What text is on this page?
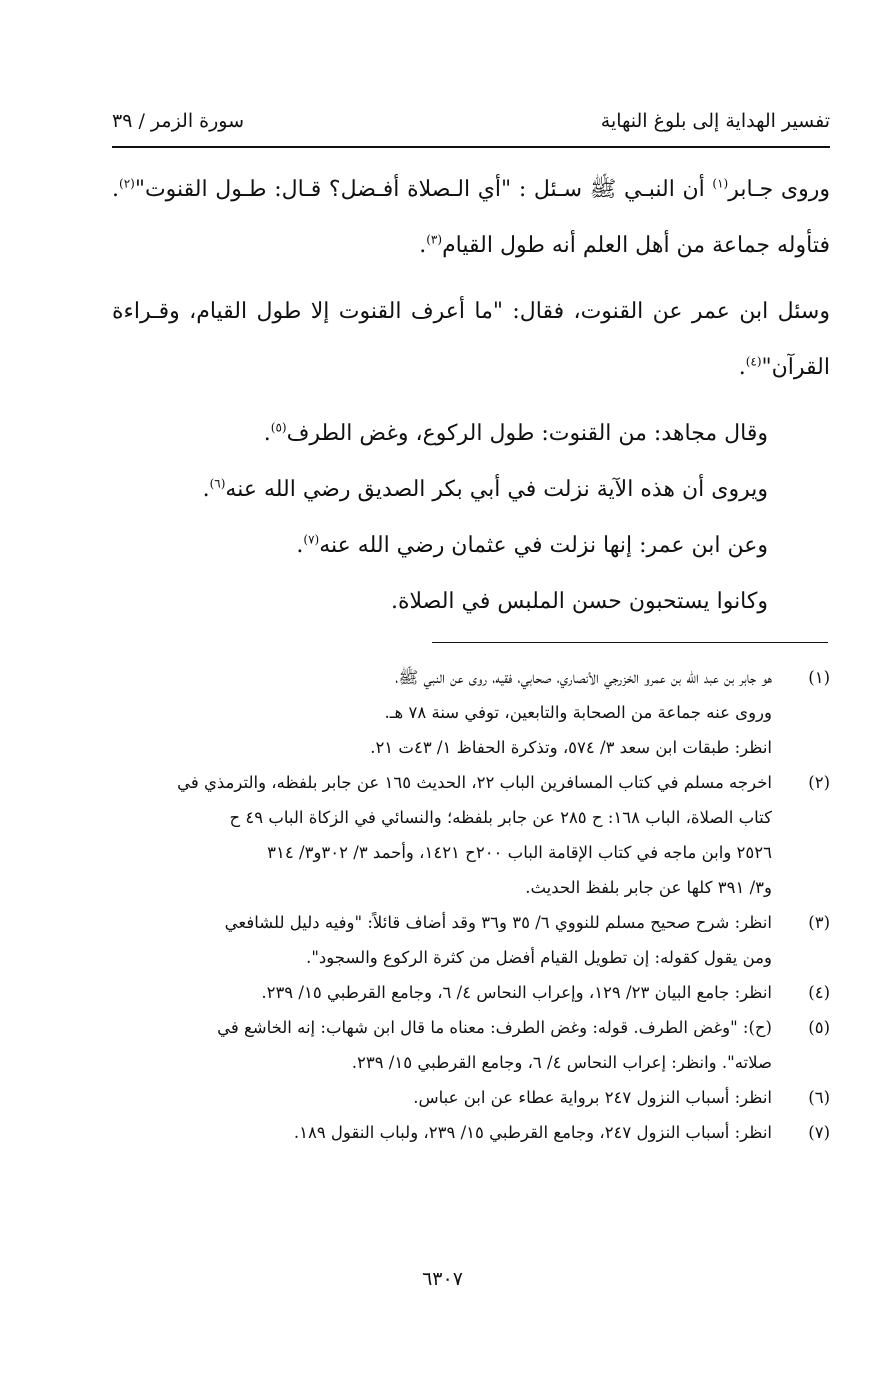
تفسير الهداية إلى بلوغ النهاية
سورة الزمر / ٣٩

وروى جـابر$^{(١)}$ أن النبـي ﷺ سـئل : "أي الـصلاة أفـضل؟ قـال: طـول القنوت"$^{(٢)}$. فتأوله جماعة من أهل العلم أنه طول القيام$^{(٣)}$.

وسئل ابن عمر عن القنوت، فقال: "ما أعرف القنوت إلا طول القيام، وقـراءة القرآن"$^{(٤)}$.

وقال مجاهد: من القنوت: طول الركوع، وغض الطرف$^{(٥)}$.

ويروى أن هذه الآية نزلت في أبي بكر الصديق رضي الله عنه$^{(٦)}$.

وعن ابن عمر: إنها نزلت في عثمان رضي الله عنه$^{(٧)}$.

وكانوا يستحبون حسن الملبس في الصلاة.

(١)
هو جابر بن عبد الله بن عمرو الخزرجي الأنصاري، صحابي، فقيه، روى عن النبي ﷺ،
وروى عنه جماعة من الصحابة والتابعين، توفي سنة ٧٨ هـ.
انظر: طبقات ابن سعد ٣/ ٥٧٤، وتذكرة الحفاظ ١/ ٤٣ت ٢١.
(٢)
اخرجه مسلم في كتاب المسافرين الباب ٢٢، الحديث ١٦٥ عن جابر بلفظه، والترمذي في
كتاب الصلاة، الباب ١٦٨: ح ٢٨٥ عن جابر بلفظه؛ والنسائي في الزكاة الباب ٤٩ ح
٢٥٢٦ وابن ماجه في كتاب الإقامة الباب ٢٠٠ح ١٤٢١، وأحمد ٣/ ٣٠٢و٣/ ٣١٤
و٣/ ٣٩١ كلها عن جابر بلفظ الحديث.
(٣)
انظر: شرح صحيح مسلم للنووي ٦/ ٣٥ و٣٦ وقد أضاف قائلاً: "وفيه دليل للشافعي
ومن يقول كقوله: إن تطويل القيام أفضل من كثرة الركوع والسجود".
(٤)
انظر: جامع البيان ٢٣/ ١٢٩، وإعراب النحاس ٤/ ٦، وجامع القرطبي ١٥/ ٢٣٩.
(٥)
(ح): "وغض الطرف. قوله: وغض الطرف: معناه ما قال ابن شهاب: إنه الخاشع في
صلاته". وانظر: إعراب النحاس ٤/ ٦، وجامع القرطبي ١٥/ ٢٣٩.
(٦)
انظر: أسباب النزول ٢٤٧ برواية عطاء عن ابن عباس.
(٧)
انظر: أسباب النزول ٢٤٧، وجامع القرطبي ١٥/ ٢٣٩، ولباب النقول ١٨٩.
٦٣٠٧
